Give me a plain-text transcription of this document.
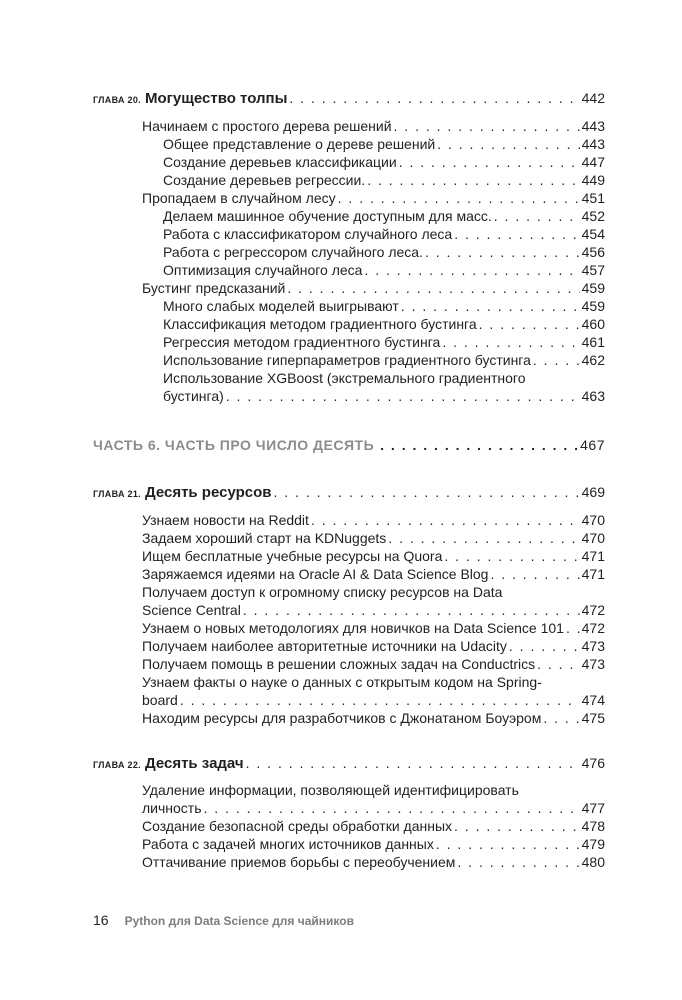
ГЛАВА 20. Могущество толпы . . .	442
Начинаем с простого дерева решений . . .	443
Общее представление о дереве решений . . .	443
Создание деревьев классификации . . .	447
Создание деревьев регрессии. . . .	449
Пропадаем в случайном лесу . . .	451
Делаем машинное обучение доступным для масс. . . .	452
Работа с классификатором случайного леса . . .	454
Работа с регрессором случайного леса. . . .	456
Оптимизация случайного леса . . .	457
Бустинг предсказаний . . .	459
Много слабых моделей выигрывают . . .	459
Классификация методом градиентного бустинга . . .	460
Регрессия методом градиентного бустинга . . .	461
Использование гиперпараметров градиентного бустинга . . .	462
Использование XGBoost (экстремального градиентного
бустинга) . . .	463
ЧАСТЬ 6. ЧАСТЬ ПРО ЧИСЛО ДЕСЯТЬ . . .	467
ГЛАВА 21. Десять ресурсов . . .	469
Узнаем новости на Reddit . . .	470
Задаем хороший старт на KDNuggets . . .	470
Ищем бесплатные учебные ресурсы на Quora . . .	471
Заряжаемся идеями на Oracle AI & Data Science Blog . . .	471
Получаем доступ к огромному списку ресурсов на Data
Science Central . . .	472
Узнаем о новых методологиях для новичков на Data Science 101 . . . 472
Получаем наиболее авторитетные источники на Udacity . . .	473
Получаем помощь в решении сложных задач на Conductrics . . .	473
Узнаем факты о науке о данных с открытым кодом на Spring-
board . . .	474
Находим ресурсы для разработчиков с Джонатаном Боуэром . . .	475
ГЛАВА 22. Десять задач . . .	476
Удаление информации, позволяющей идентифицировать
личность . . .	477
Создание безопасной среды обработки данных . . .	478
Работа с задачей многих источников данных . . .	479
Оттачивание приемов борьбы с переобучением . . .	480
16 Python для Data Science для чайников
